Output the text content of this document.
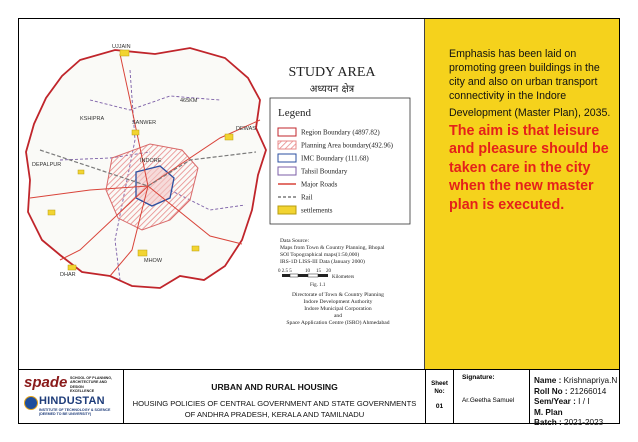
UJJAIN
DEWAS
SANWER
DEPALPUR
INDORE
MHOW
DHAR
465KM
KSHIPRA
STUDY AREA
अध्ययन क्षेत्र
Legend
Region Boundary (4897.82)
Planning Area boundary(492.96)
IMC Boundary (111.68)
Tahsil Boundary
Major Roads
Rail
settlements
Data Source:
Maps from Town & Country Planning, Bhopal
SOI Topographical maps(1:50,000)
IRS-1D LISS-III Data (January 2000)
0 2.5 5	10 15 20
Kilometers
Fig. 1.1
Directorate of Town & Country Planning
Indore Development Authority
Indore Municipal Corporation
and
Space Application Centre (ISRO) Ahmedabad
Emphasis has been laid on promoting green buildings in the city and also on urban transport connectivity in the Indore Development (Master Plan), 2035. The aim is that leisure and pleasure should be taken care in the city when the new master plan is executed.
spade SCHOOL OF PLANNING,
ARCHITECTURE AND DESIGN
EXCELLENCE
HINDUSTAN
INSTITUTE OF TECHNOLOGY & SCIENCE
(DEEMED TO BE UNIVERSITY)
URBAN AND RURAL HOUSING
HOUSING POLICIES OF CENTRAL GOVERNMENT AND STATE GOVERNMENTS
OF ANDHRA PRADESH, KERALA AND TAMILNADU
Sheet No:
01
Signature:
Ar.Geetha Samuel
Name : Krishnapriya.N
Roll No : 21266014
Sem/Year : I / I
M. Plan
Batch : 2021-2023
